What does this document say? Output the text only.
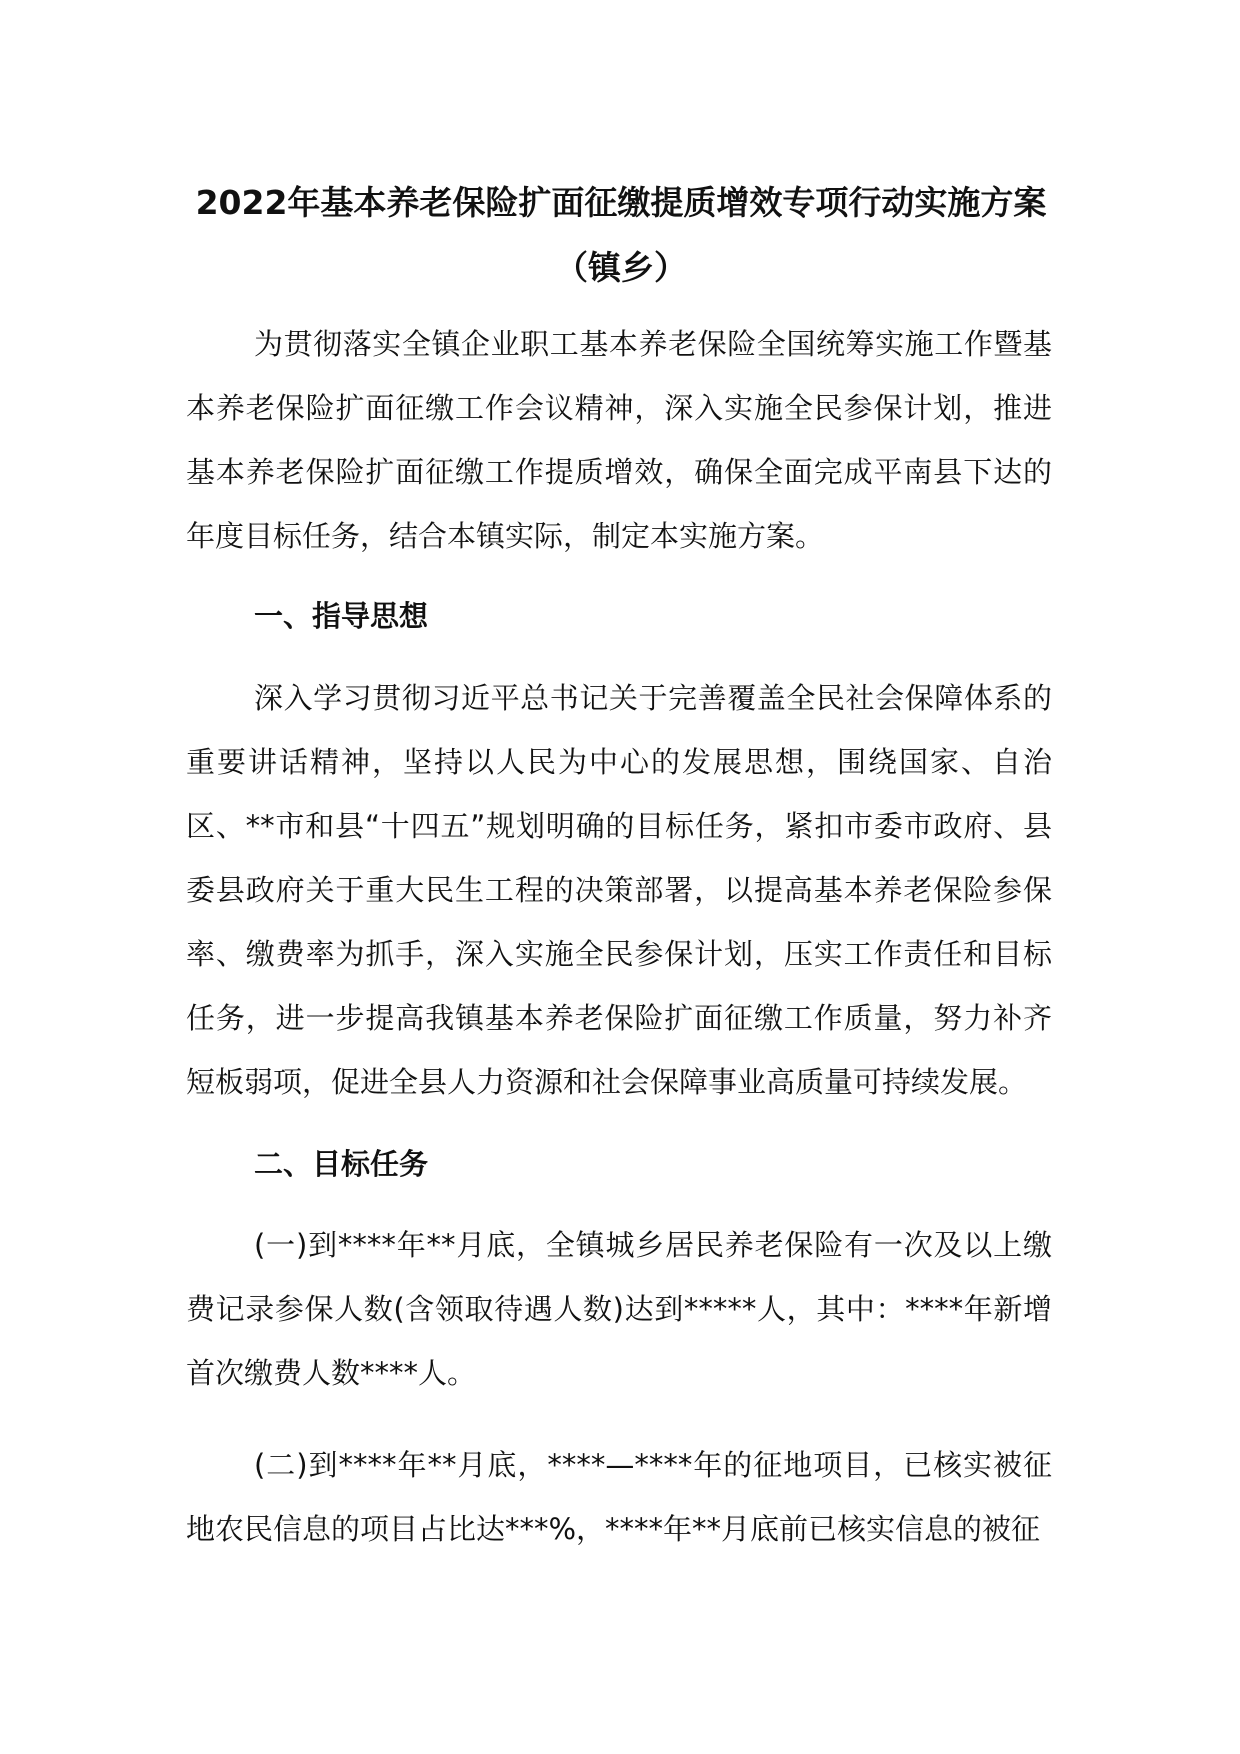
2022年基本养老保险扩面征缴提质增效专项行动实施方案（镇乡）
为贯彻落实全镇企业职工基本养老保险全国统筹实施工作暨基本养老保险扩面征缴工作会议精神，深入实施全民参保计划，推进基本养老保险扩面征缴工作提质增效，确保全面完成平南县下达的年度目标任务，结合本镇实际，制定本实施方案。
一、指导思想
深入学习贯彻习近平总书记关于完善覆盖全民社会保障体系的重要讲话精神，坚持以人民为中心的发展思想，围绕国家、自治区、**市和县“十四五”规划明确的目标任务，紧扣市委市政府、县委县政府关于重大民生工程的决策部署，以提高基本养老保险参保率、缴费率为抓手，深入实施全民参保计划，压实工作责任和目标任务，进一步提高我镇基本养老保险扩面征缴工作质量，努力补齐短板弱项，促进全县人力资源和社会保障事业高质量可持续发展。
二、目标任务
(一)到****年**月底，全镇城乡居民养老保险有一次及以上缴费记录参保人数(含领取待遇人数)达到*****人，其中：****年新增首次缴费人数****人。
(二)到****年**月底，****—****年的征地项目，已核实被征地农民信息的项目占比达***%，****年**月底前已核实信息的被征
